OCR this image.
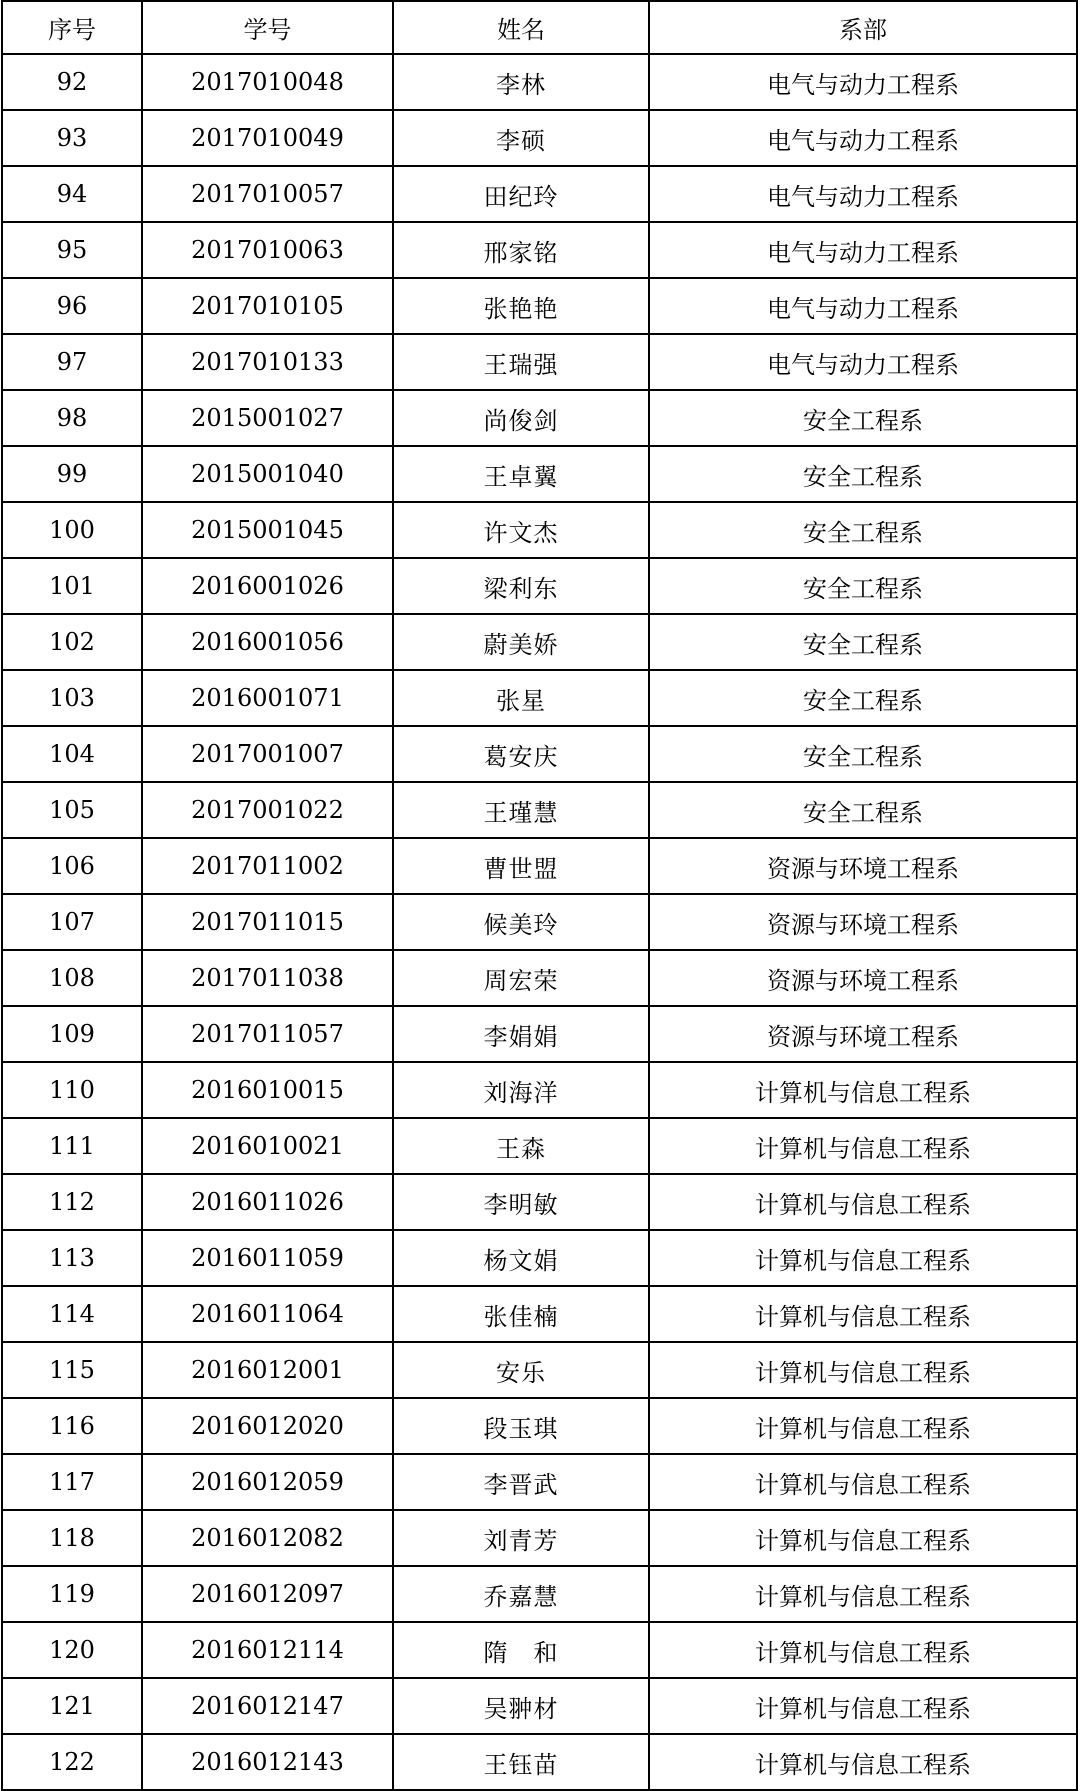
序号	学号	姓名	系部
92	2017010048	李林	电气与动力工程系
93	2017010049	李硕	电气与动力工程系
94	2017010057	田纪玲	电气与动力工程系
95	2017010063	邢家铭	电气与动力工程系
96	2017010105	张艳艳	电气与动力工程系
97	2017010133	王瑞强	电气与动力工程系
98	2015001027	尚俊剑	安全工程系
99	2015001040	王卓翼	安全工程系
100	2015001045	许文杰	安全工程系
101	2016001026	梁利东	安全工程系
102	2016001056	蔚美娇	安全工程系
103	2016001071	张星	安全工程系
104	2017001007	葛安庆	安全工程系
105	2017001022	王瑾慧	安全工程系
106	2017011002	曹世盟	资源与环境工程系
107	2017011015	候美玲	资源与环境工程系
108	2017011038	周宏荣	资源与环境工程系
109	2017011057	李娟娟	资源与环境工程系
110	2016010015	刘海洋	计算机与信息工程系
111	2016010021	王森	计算机与信息工程系
112	2016011026	李明敏	计算机与信息工程系
113	2016011059	杨文娟	计算机与信息工程系
114	2016011064	张佳楠	计算机与信息工程系
115	2016012001	安乐	计算机与信息工程系
116	2016012020	段玉琪	计算机与信息工程系
117	2016012059	李晋武	计算机与信息工程系
118	2016012082	刘青芳	计算机与信息工程系
119	2016012097	乔嘉慧	计算机与信息工程系
120	2016012114	隋　和	计算机与信息工程系
121	2016012147	吴翀材	计算机与信息工程系
122	2016012143	王钰苗	计算机与信息工程系
